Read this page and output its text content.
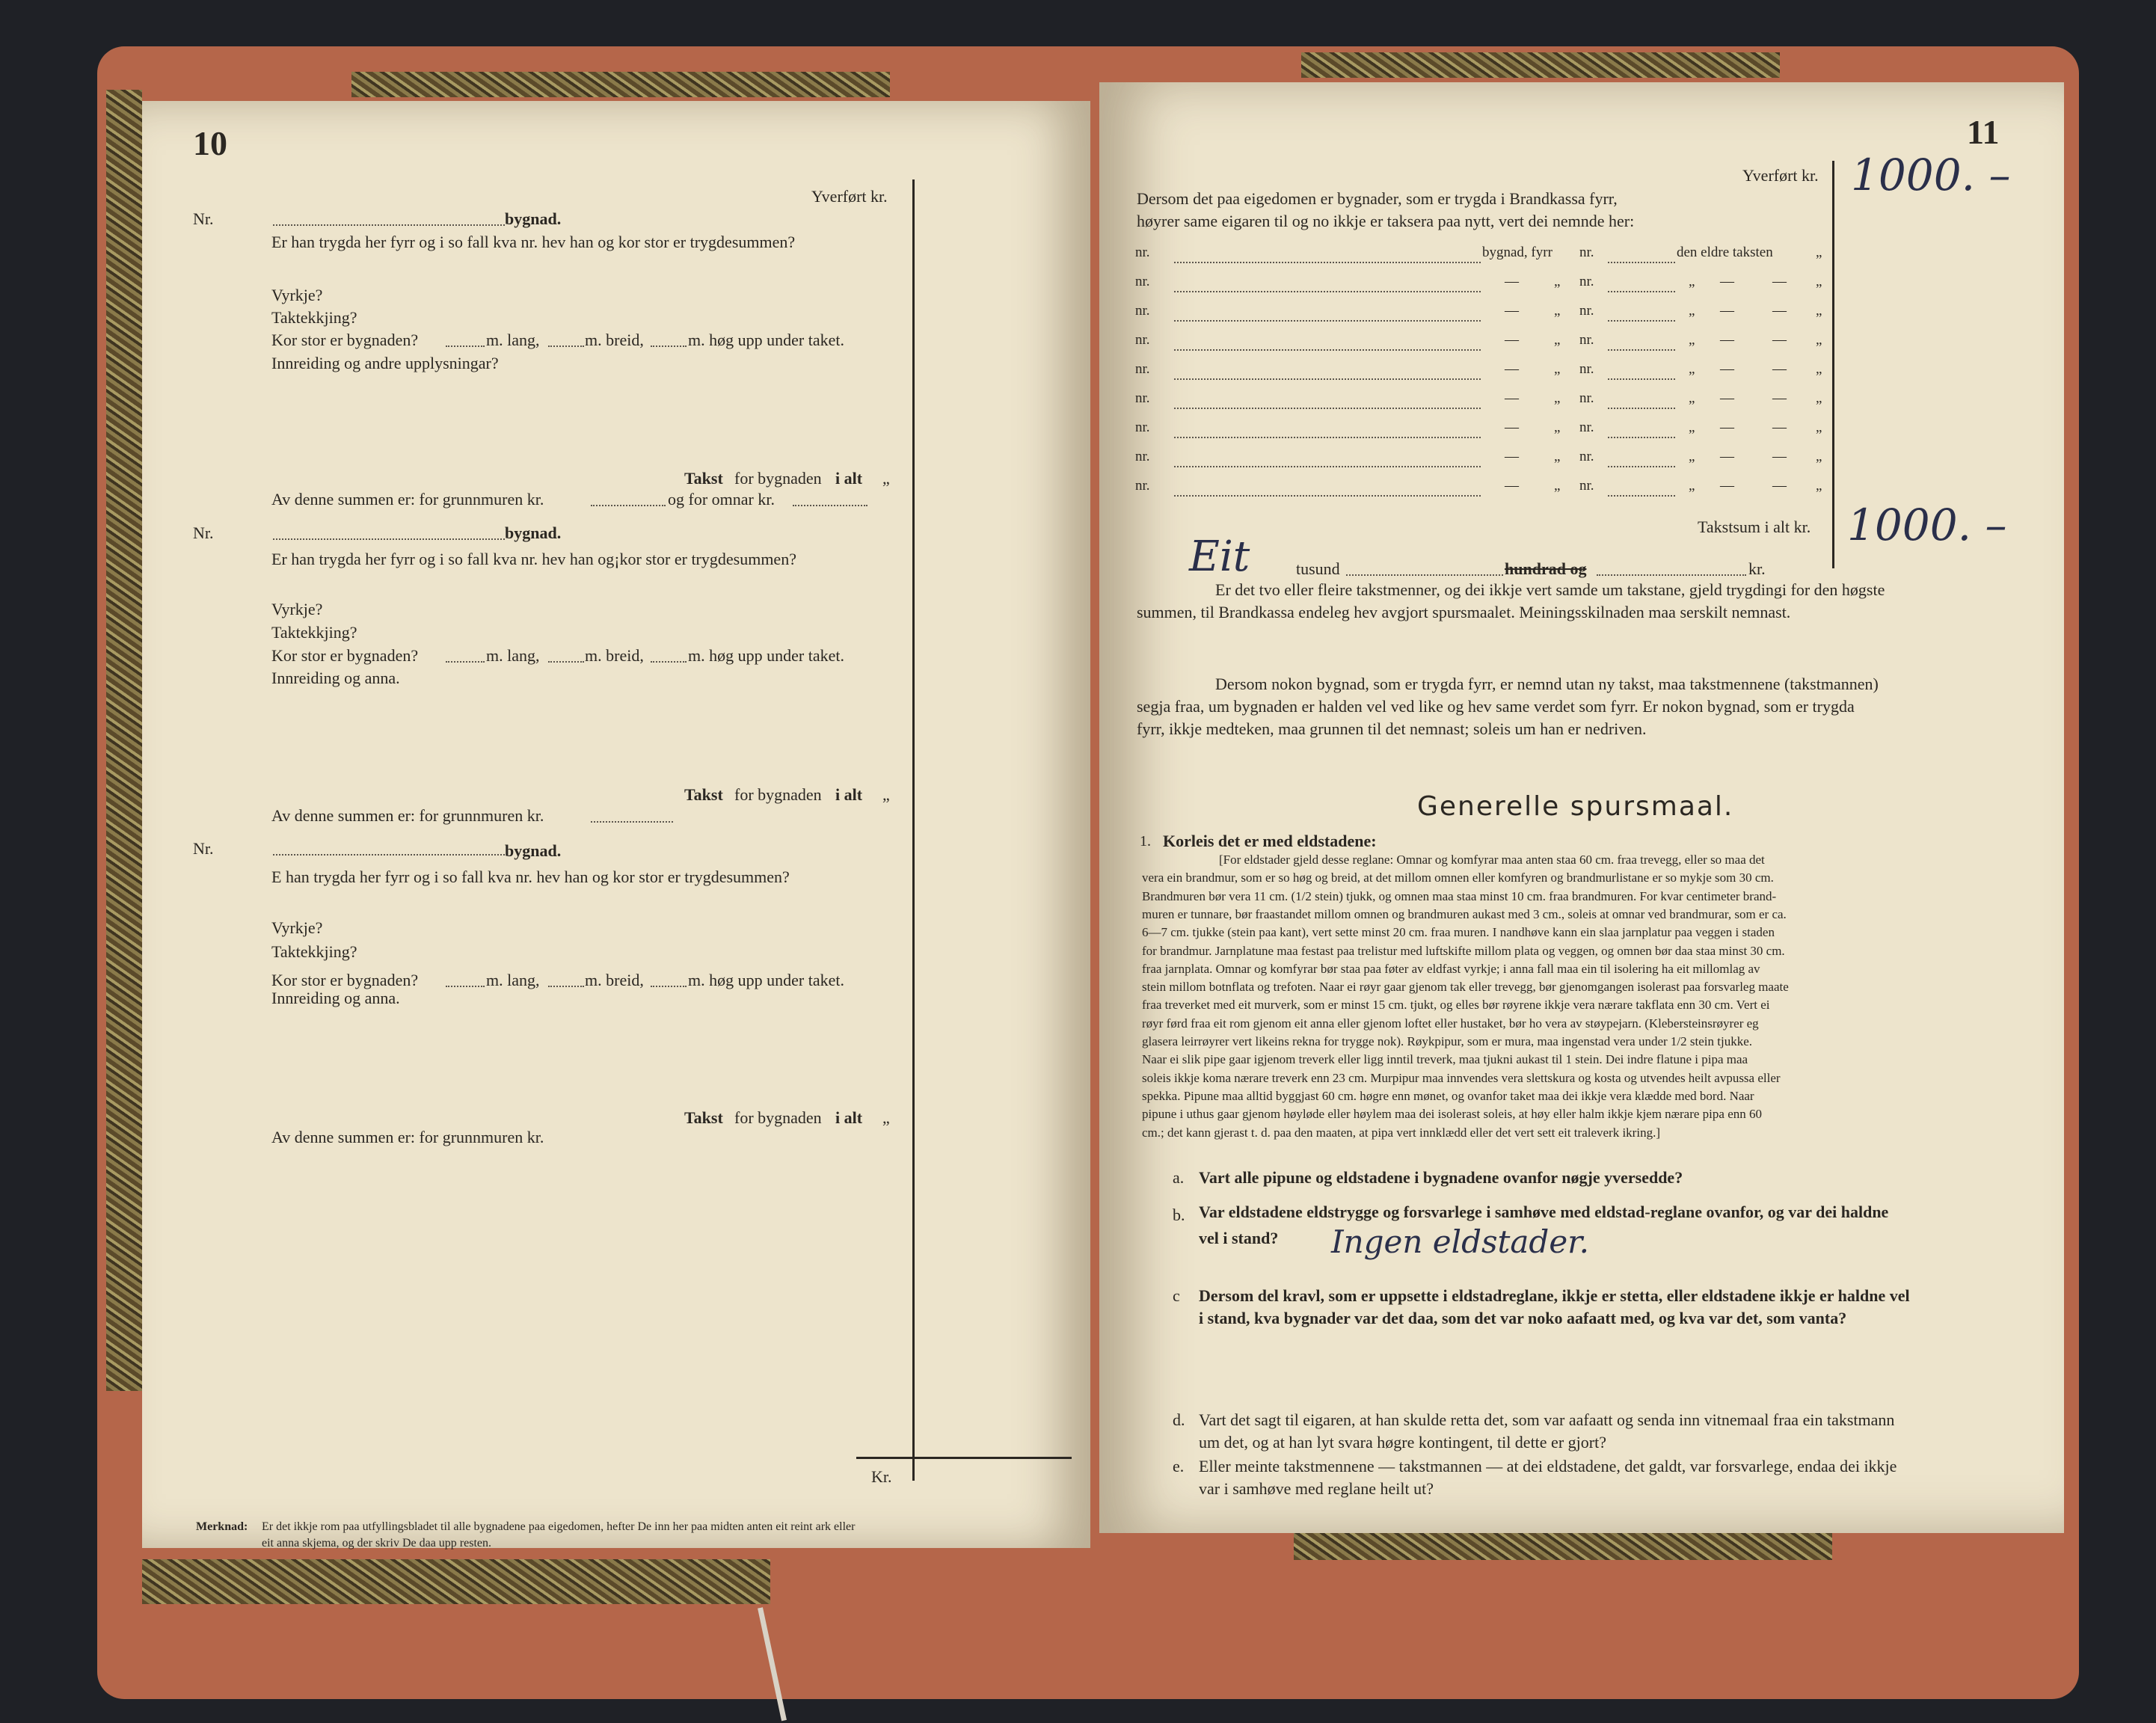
10
Yverført kr.
Kr.
Nr.	bygnad.
Er han trygda her fyrr og i so fall kva nr. hev han og kor stor er trygdesummen?
Vyrkje?
Taktekkjing?
Kor stor er bygnaden?	m. lang,	m. breid,	m. høg upp under taket.
Innreiding og andre upplysningar?
Takst for bygnaden i alt „
Av denne summen er: for grunnmuren kr.	og for omnar kr.
Nr.	bygnad.
Er han trygda her fyrr og i so fall kva nr. hev han og¡kor stor er trygdesummen?
Vyrkje?
Taktekkjing?
Kor stor er bygnaden?	m. lang,	m. breid,	m. høg upp under taket.
Innreiding og anna.
Takst for bygnaden i alt „
Av denne summen er: for grunnmuren kr.
Nr.	bygnad.
E han trygda her fyrr og i so fall kva nr. hev han og kor stor er trygdesummen?
Vyrkje?
Taktekkjing?
Kor stor er bygnaden?	m. lang,	m. breid,	m. høg upp under taket.
Innreiding og anna.
Takst for bygnaden i alt „
Av denne summen er: for grunnmuren kr.
Merknad: Er det ikkje rom paa utfyllingsbladet til alle bygnadene paa eigedomen, hefter De inn her paa midten anten eit reint ark eller
eit anna skjema, og der skriv De daa upp resten.
11
Yverført kr. 1000. –
Dersom det paa eigedomen er bygnader, som er trygda i Brandkassa fyrr,
høyrer same eigaren til og no ikkje er taksera paa nytt, vert dei nemnde her:
nr.	bygnad, fyrr nr.	den eldre taksten	„
nr.	— „ nr.	„ —	— „
nr.	— „ nr.	„ —	— „
nr.	— „ nr.	„ —	— „
nr.	— „ nr.	„ —	— „
nr.	— „ nr.	„ —	— „
nr.	— „ nr.	„ —	— „
nr.	— „ nr.	„ —	— „
nr.	— „ nr.	„ —	— „
Takstsum i alt kr. 1000. –
Eit	tusund	hundrad og	kr.
Er det tvo eller fleire takstmenner, og dei ikkje vert samde um takstane, gjeld trygdingi for den høgste
summen, til Brandkassa endeleg hev avgjort spursmaalet. Meiningsskilnaden maa serskilt nemnast.
Dersom nokon bygnad, som er trygda fyrr, er nemnd utan ny takst, maa takstmennene (takstmannen)
segja fraa, um bygnaden er halden vel ved like og hev same verdet som fyrr. Er nokon bygnad, som er trygda
fyrr, ikkje medteken, maa grunnen til det nemnast; soleis um han er nedriven.
Generelle spursmaal.
1. Korleis det er med eldstadene:
[For eldstader gjeld desse reglane: Omnar og komfyrar maa anten staa 60 cm. fraa trevegg, eller so maa det
vera ein brandmur, som er so høg og breid, at det millom omnen eller komfyren og brandmurlistane er so mykje som 30 cm.
Brandmuren bør vera 11 cm. (1/2 stein) tjukk, og omnen maa staa minst 10 cm. fraa brandmuren. For kvar centimeter brand-
muren er tunnare, bør fraastandet millom omnen og brandmuren aukast med 3 cm., soleis at omnar ved brandmurar, som er ca.
6—7 cm. tjukke (stein paa kant), vert sette minst 20 cm. fraa muren. I nandhøve kann ein slaa jarnplatur paa veggen i staden
for brandmur. Jarnplatune maa festast paa trelistur med luftskifte millom plata og veggen, og omnen bør daa staa minst 30 cm.
fraa jarnplata. Omnar og komfyrar bør staa paa føter av eldfast vyrkje; i anna fall maa ein til isolering ha eit millomlag av
stein millom botnflata og trefoten. Naar ei røyr gaar gjenom tak eller trevegg, bør gjenomgangen isolerast paa forsvarleg maate
fraa treverket med eit murverk, som er minst 15 cm. tjukt, og elles bør røyrene ikkje vera nærare takflata enn 30 cm. Vert ei
røyr førd fraa eit rom gjenom eit anna eller gjenom loftet eller hustaket, bør ho vera av støypejarn. (Klebersteinsrøyrer eg
glasera leirrøyrer vert likeins rekna for trygge nok). Røykpipur, som er mura, maa ingenstad vera under 1/2 stein tjukke.
Naar ei slik pipe gaar igjenom treverk eller ligg inntil treverk, maa tjukni aukast til 1 stein. Dei indre flatune i pipa maa
soleis ikkje koma nærare treverk enn 23 cm. Murpipur maa innvendes vera slettskura og kosta og utvendes heilt avpussa eller
spekka. Pipune maa alltid byggjast 60 cm. høgre enn mønet, og ovanfor taket maa dei ikkje vera klædde med bord. Naar
pipune i uthus gaar gjenom høyløde eller høylem maa dei isolerast soleis, at høy eller halm ikkje kjem nærare pipa enn 60
cm.; det kann gjerast t. d. paa den maaten, at pipa vert innklædd eller det vert sett eit traleverk ikring.]
a. Vart alle pipune og eldstadene i bygnadene ovanfor nøgje yversedde?
b. Var eldstadene eldstrygge og forsvarlege i samhøve med eldstad-reglane ovanfor, og var dei haldne
vel i stand? Ingen eldstader.
c Dersom del kravl, som er uppsette i eldstadreglane, ikkje er stetta, eller eldstadene ikkje er haldne vel
i stand, kva bygnader var det daa, som det var noko aafaatt med, og kva var det, som vanta?
d. Vart det sagt til eigaren, at han skulde retta det, som var aafaatt og senda inn vitnemaal fraa ein takstmann
um det, og at han lyt svara høgre kontingent, til dette er gjort?
e. Eller meinte takstmennene — takstmannen — at dei eldstadene, det galdt, var forsvarlege, endaa dei ikkje
var i samhøve med reglane heilt ut?
